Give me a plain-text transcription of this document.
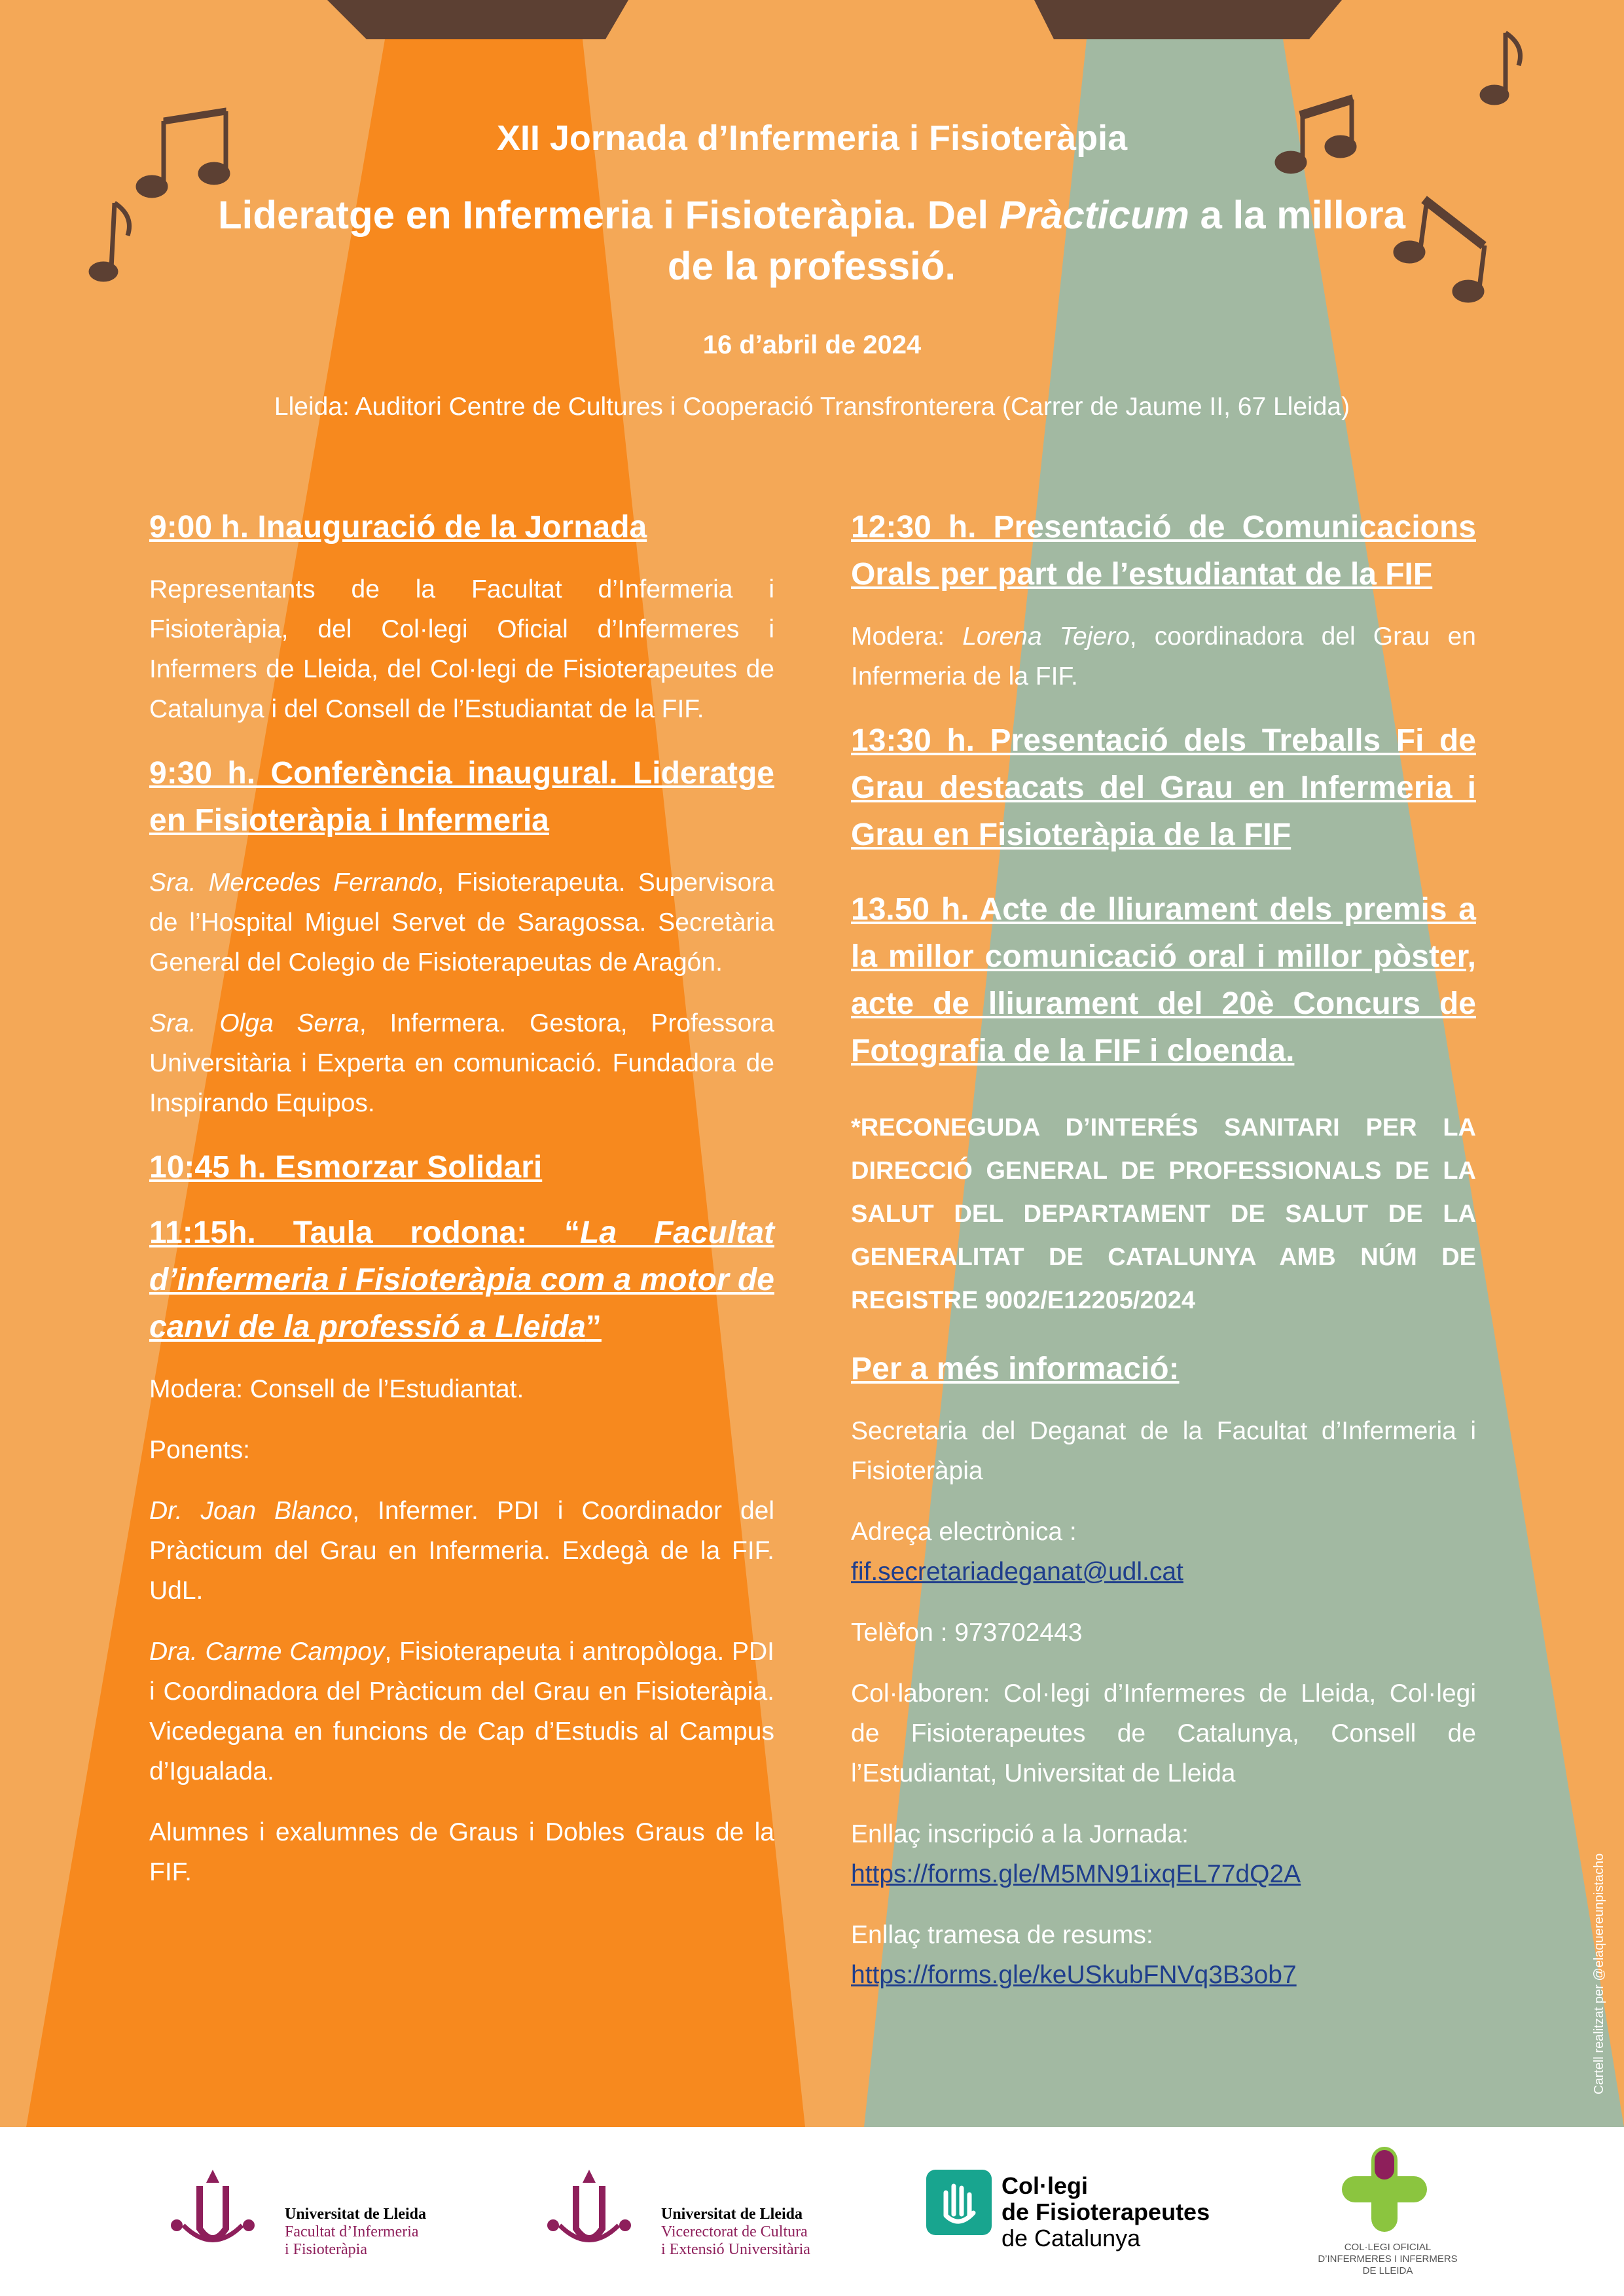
XII Jornada d’Infermeria i Fisioteràpia
Lideratge en Infermeria i Fisioteràpia. Del Pràcticum a la millora de la professió.
16 d’abril de 2024
Lleida: Auditori Centre de Cultures i Cooperació Transfronterera (Carrer de Jaume II, 67 Lleida)
9:00 h. Inauguració de la Jornada
Representants de la Facultat d’Infermeria i Fisioteràpia, del Col·legi Oficial d’Infermeres i Infermers de Lleida, del Col·legi de Fisioterapeutes de Catalunya i del Consell de l’Estudiantat de la FIF.
9:30 h. Conferència inaugural. Lideratge en Fisioteràpia i Infermeria
Sra. Mercedes Ferrando, Fisioterapeuta. Supervisora de l’Hospital Miguel Servet de Saragossa. Secretària General del Colegio de Fisioterapeutas de Aragón.
Sra. Olga Serra, Infermera. Gestora, Professora Universitària i Experta en comunicació. Fundadora de Inspirando Equipos.
10:45 h. Esmorzar Solidari
11:15h. Taula rodona: “La Facultat d’infermeria i Fisioteràpia com a motor de canvi de la professió a Lleida”
Modera: Consell de l’Estudiantat.
Ponents:
Dr. Joan Blanco, Infermer. PDI i Coordinador del Pràcticum del Grau en Infermeria. Exdegà de la FIF. UdL.
Dra. Carme Campoy, Fisioterapeuta i antropòloga. PDI i Coordinadora del Pràcticum del Grau en Fisioteràpia. Vicedegana en funcions de Cap d’Estudis al Campus d’Igualada.
Alumnes i exalumnes de Graus i Dobles Graus de la FIF.
12:30 h. Presentació de Comunicacions Orals per part de l’estudiantat de la FIF
Modera: Lorena Tejero, coordinadora del Grau en Infermeria de la FIF.
13:30 h. Presentació dels Treballs Fi de Grau destacats del Grau en Infermeria i Grau en Fisioteràpia de la FIF
13.50 h. Acte de lliurament dels premis a la millor comunicació oral i millor pòster, acte de lliurament del 20è Concurs de Fotografia de la FIF i cloenda.
*RECONEGUDA D’INTERÉS SANITARI PER LA DIRECCIÓ GENERAL DE PROFESSIONALS DE LA SALUT DEL DEPARTAMENT DE SALUT DE LA GENERALITAT DE CATALUNYA AMB NÚM DE REGISTRE 9002/E12205/2024
Per a més informació:
Secretaria del Deganat de la Facultat d’Infermeria i Fisioteràpia
Adreça electrònica :
fif.secretariadeganat@udl.cat
Telèfon : 973702443
Col·laboren: Col·legi d’Infermeres de Lleida, Col·legi de Fisioterapeutes de Catalunya, Consell de l’Estudiantat, Universitat de Lleida
Enllaç inscripció a la Jornada:
https://forms.gle/M5MN91ixqEL77dQ2A
Enllaç tramesa de resums:
https://forms.gle/keUSkubFNVq3B3ob7	Cartell realitzat per @elaquereunpistacho
Universitat de Lleida
Facultat d’Infermeria
i Fisioteràpia
Universitat de Lleida
Vicerectorat de Cultura
i Extensió Universitària
Col·legi
de Fisioterapeutes
de Catalunya	COL·LEGI OFICIAL
D’INFERMERES I INFERMERS
DE LLEIDA
